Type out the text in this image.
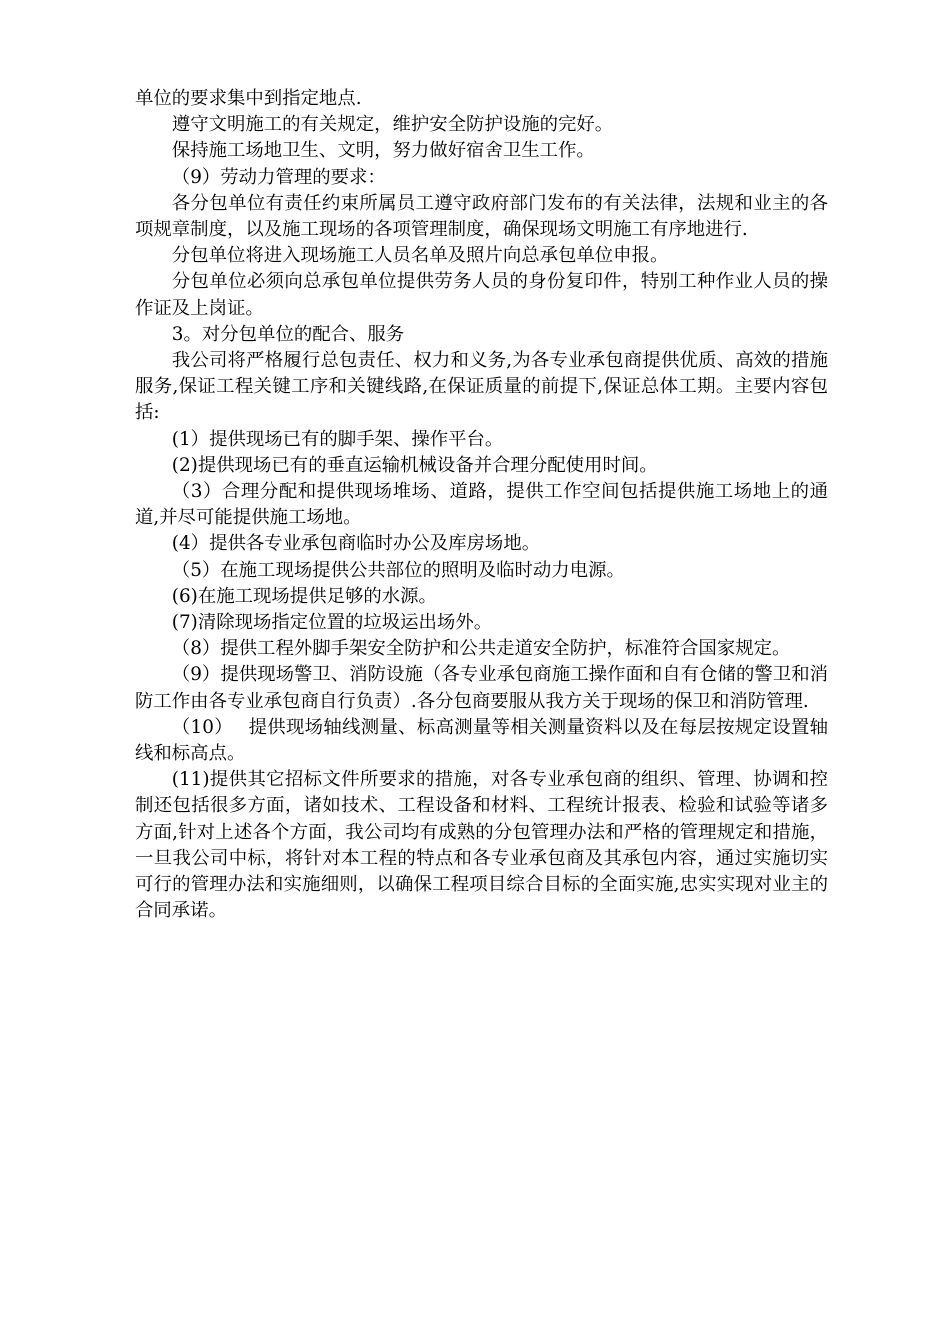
单位的要求集中到指定地点.

遵守文明施工的有关规定，维护安全防护设施的完好。

保持施工场地卫生、文明，努力做好宿舍卫生工作。

（9）劳动力管理的要求：

各分包单位有责任约束所属员工遵守政府部门发布的有关法律，法规和业主的各项规章制度，以及施工现场的各项管理制度，确保现场文明施工有序地进行.

分包单位将进入现场施工人员名单及照片向总承包单位申报。

分包单位必须向总承包单位提供劳务人员的身份复印件，特别工种作业人员的操作证及上岗证。

3。对分包单位的配合、服务

我公司将严格履行总包责任、权力和义务,为各专业承包商提供优质、高效的措施服务,保证工程关键工序和关键线路,在保证质量的前提下,保证总体工期。主要内容包括:

(1）提供现场已有的脚手架、操作平台。

(2)提供现场已有的垂直运输机械设备并合理分配使用时间。

（3）合理分配和提供现场堆场、道路，提供工作空间包括提供施工场地上的通道,并尽可能提供施工场地。

(4）提供各专业承包商临时办公及库房场地。

（5）在施工现场提供公共部位的照明及临时动力电源。

(6)在施工现场提供足够的水源。

(7)清除现场指定位置的垃圾运出场外。

（8）提供工程外脚手架安全防护和公共走道安全防护，标准符合国家规定。

（9）提供现场警卫、消防设施（各专业承包商施工操作面和自有仓储的警卫和消防工作由各专业承包商自行负责）.各分包商要服从我方关于现场的保卫和消防管理.

（10）　 提供现场轴线测量、标高测量等相关测量资料以及在每层按规定设置轴线和标高点。

(11)提供其它招标文件所要求的措施，对各专业承包商的组织、管理、协调和控制还包括很多方面，诸如技术、工程设备和材料、工程统计报表、检验和试验等诸多方面,针对上述各个方面，我公司均有成熟的分包管理办法和严格的管理规定和措施，一旦我公司中标，将针对本工程的特点和各专业承包商及其承包内容，通过实施切实可行的管理办法和实施细则，以确保工程项目综合目标的全面实施,忠实实现对业主的合同承诺。
